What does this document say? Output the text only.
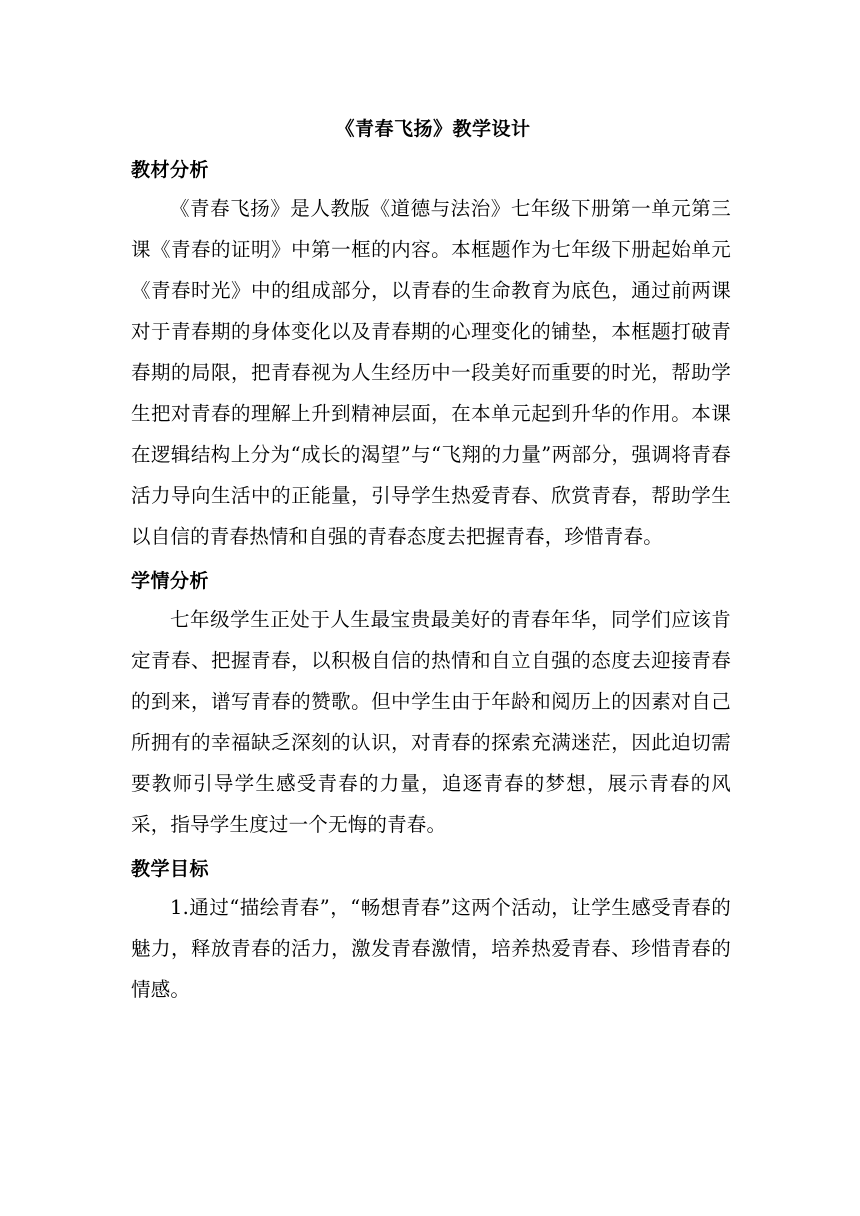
《青春飞扬》教学设计
教材分析

《青春飞扬》是人教版《道德与法治》七年级下册第一单元第三课《青春的证明》中第一框的内容。本框题作为七年级下册起始单元《青春时光》中的组成部分，以青春的生命教育为底色，通过前两课对于青春期的身体变化以及青春期的心理变化的铺垫，本框题打破青春期的局限，把青春视为人生经历中一段美好而重要的时光，帮助学生把对青春的理解上升到精神层面，在本单元起到升华的作用。本课在逻辑结构上分为“成长的渴望”与“飞翔的力量”两部分，强调将青春活力导向生活中的正能量，引导学生热爱青春、欣赏青春，帮助学生以自信的青春热情和自强的青春态度去把握青春，珍惜青春。

学情分析

七年级学生正处于人生最宝贵最美好的青春年华，同学们应该肯定青春、把握青春，以积极自信的热情和自立自强的态度去迎接青春的到来，谱写青春的赞歌。但中学生由于年龄和阅历上的因素对自己所拥有的幸福缺乏深刻的认识，对青春的探索充满迷茫，因此迫切需要教师引导学生感受青春的力量，追逐青春的梦想，展示青春的风采，指导学生度过一个无悔的青春。

教学目标

1.通过“描绘青春”，“畅想青春”这两个活动，让学生感受青春的魅力，释放青春的活力，激发青春激情，培养热爱青春、珍惜青春的情感。
